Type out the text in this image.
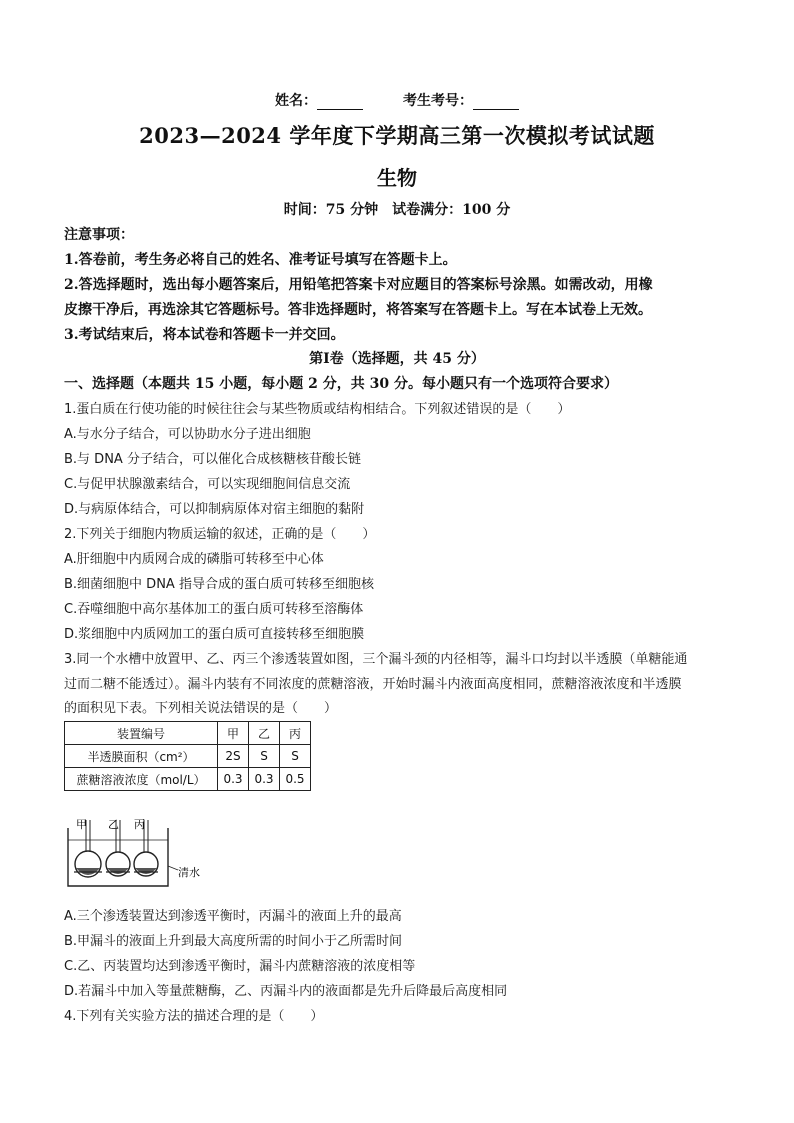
姓名：	考生考号：
2023—2024 学年度下学期高三第一次模拟考试试题
生物
时间：75 分钟　试卷满分：100 分
注意事项：
1.答卷前，考生务必将自己的姓名、准考证号填写在答题卡上。
2.答选择题时，选出每小题答案后，用铅笔把答案卡对应题目的答案标号涂黑。如需改动，用橡
皮擦干净后，再选涂其它答题标号。答非选择题时，将答案写在答题卡上。写在本试卷上无效。
3.考试结束后，将本试卷和答题卡一并交回。
第Ⅰ卷（选择题，共 45 分）
一、选择题（本题共 15 小题，每小题 2 分，共 30 分。每小题只有一个选项符合要求）
1.蛋白质在行使功能的时候往往会与某些物质或结构相结合。下列叙述错误的是（　　）
A.与水分子结合，可以协助水分子进出细胞
B.与 DNA 分子结合，可以催化合成核糖核苷酸长链
C.与促甲状腺激素结合，可以实现细胞间信息交流
D.与病原体结合，可以抑制病原体对宿主细胞的黏附
2.下列关于细胞内物质运输的叙述，正确的是（　　）
A.肝细胞中内质网合成的磷脂可转移至中心体
B.细菌细胞中 DNA 指导合成的蛋白质可转移至细胞核
C.吞噬细胞中高尔基体加工的蛋白质可转移至溶酶体
D.浆细胞中内质网加工的蛋白质可直接转移至细胞膜
3.同一个水槽中放置甲、乙、丙三个渗透装置如图，三个漏斗颈的内径相等，漏斗口均封以半透膜（单糖能通
过而二糖不能透过）。漏斗内装有不同浓度的蔗糖溶液，开始时漏斗内液面高度相同，蔗糖溶液浓度和半透膜
的面积见下表。下列相关说法错误的是（　　）
装置编号	甲	乙	丙
半透膜面积（cm²）	2S	S	S
蔗糖溶液浓度（mol/L）	0.3	0.3	0.5
甲 乙 丙
清水
A.三个渗透装置达到渗透平衡时，丙漏斗的液面上升的最高
B.甲漏斗的液面上升到最大高度所需的时间小于乙所需时间
C.乙、丙装置均达到渗透平衡时，漏斗内蔗糖溶液的浓度相等
D.若漏斗中加入等量蔗糖酶，乙、丙漏斗内的液面都是先升后降最后高度相同
4.下列有关实验方法的描述合理的是（　　）
